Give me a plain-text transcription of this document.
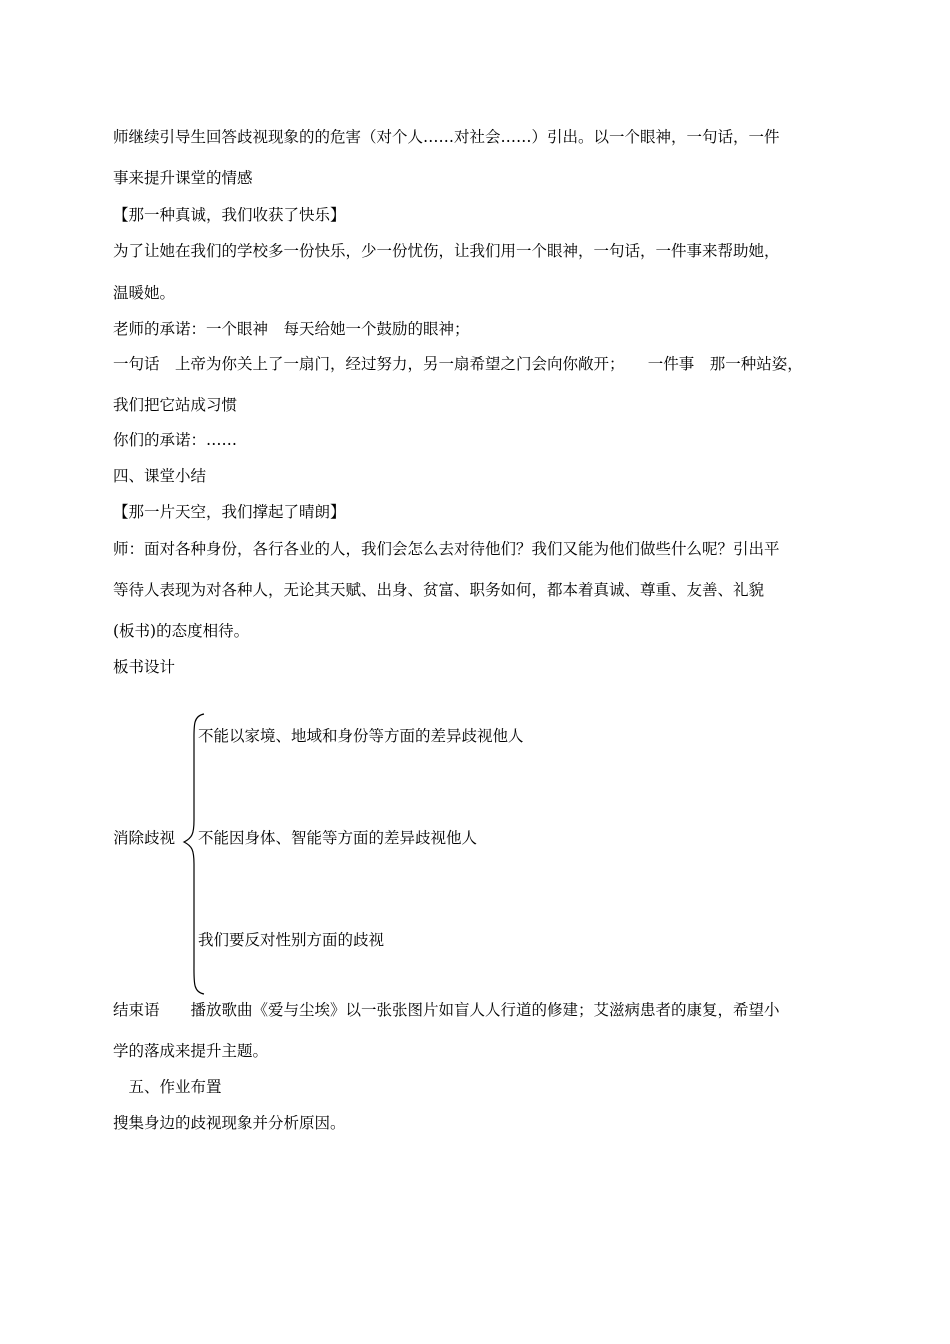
师继续引导生回答歧视现象的的危害（对个人……对社会……）引出。以一个眼神，一句话，一件
事来提升课堂的情感
【那一种真诚，我们收获了快乐】
为了让她在我们的学校多一份快乐，少一份忧伤，让我们用一个眼神，一句话，一件事来帮助她，
温暖她。
老师的承诺：一个眼神　每天给她一个鼓励的眼神；
一句话　上帝为你关上了一扇门，经过努力，另一扇希望之门会向你敞开；　　一件事　那一种站姿，
我们把它站成习惯
你们的承诺：……
四、课堂小结
【那一片天空，我们撑起了晴朗】
师：面对各种身份，各行各业的人，我们会怎么去对待他们？我们又能为他们做些什么呢？引出平
等待人表现为对各种人，无论其天赋、出身、贫富、职务如何，都本着真诚、尊重、友善、礼貌
(板书)的态度相待。
板书设计
消除歧视
不能以家境、地域和身份等方面的差异歧视他人
不能因身体、智能等方面的差异歧视他人
我们要反对性别方面的歧视
结束语　　播放歌曲《爱与尘埃》以一张张图片如盲人人行道的修建；艾滋病患者的康复，希望小
学的落成来提升主题。
　五、作业布置
搜集身边的歧视现象并分析原因。
